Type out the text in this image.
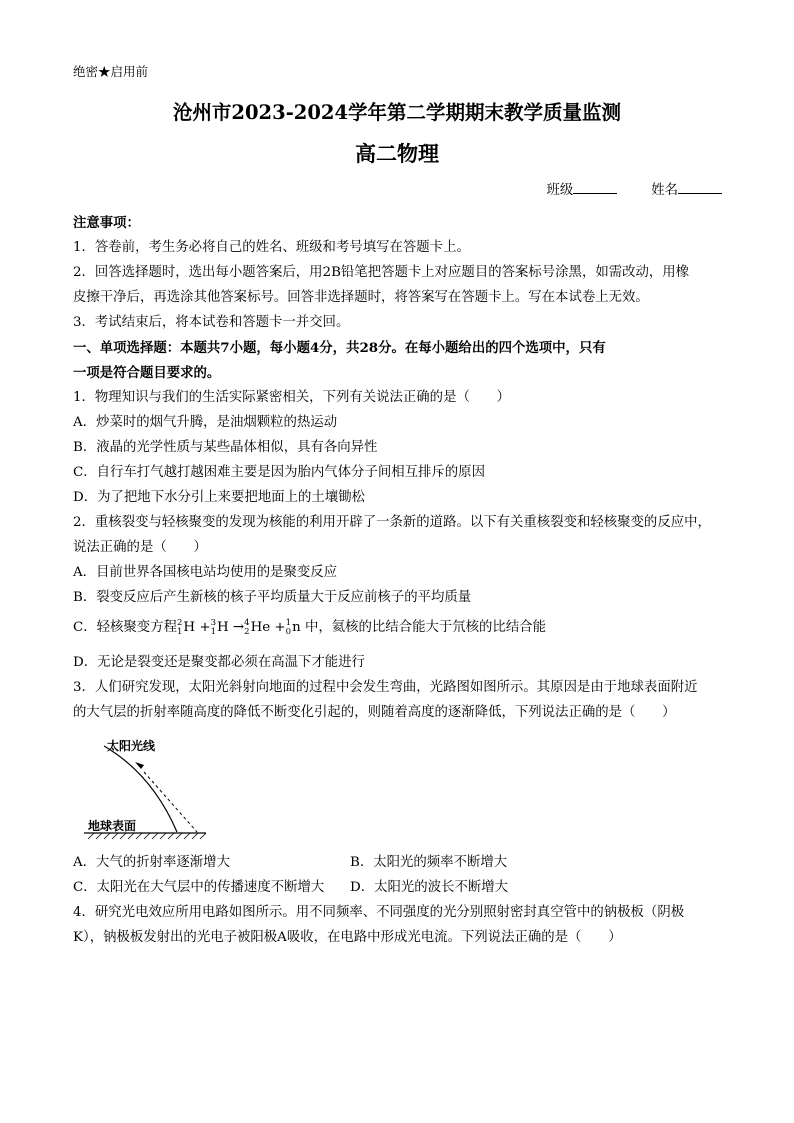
绝密★启用前
沧州市2023-2024学年第二学期期末教学质量监测
高二物理
班级	姓名
注意事项：
1．答卷前，考生务必将自己的姓名、班级和考号填写在答题卡上。
2．回答选择题时，选出每小题答案后，用2B铅笔把答题卡上对应题目的答案标号涂黑，如需改动，用橡
皮擦干净后，再选涂其他答案标号。回答非选择题时，将答案写在答题卡上。写在本试卷上无效。
3．考试结束后，将本试卷和答题卡一并交回。
一、单项选择题：本题共7小题，每小题4分，共28分。在每小题给出的四个选项中，只有
一项是符合题目要求的。
1．物理知识与我们的生活实际紧密相关，下列有关说法正确的是（　　）
A．炒菜时的烟气升腾，是油烟颗粒的热运动
B．液晶的光学性质与某些晶体相似，具有各向异性
C．自行车打气越打越困难主要是因为胎内气体分子间相互排斥的原因
D．为了把地下水分引上来要把地面上的土壤锄松
2．重核裂变与轻核聚变的发现为核能的利用开辟了一条新的道路。以下有关重核裂变和轻核聚变的反应中，
说法正确的是（　　）
A．目前世界各国核电站均使用的是聚变反应
B．裂变反应后产生新核的核子平均质量大于反应前核子的平均质量
C．轻核聚变方程 2
1 H + 3
1 H → 4
2 He + 1
0 n 中，氦核的比结合能大于氘核的比结合能
D．无论是裂变还是聚变都必须在高温下才能进行
3．人们研究发现，太阳光斜射向地面的过程中会发生弯曲，光路图如图所示。其原因是由于地球表面附近
的大气层的折射率随高度的降低不断变化引起的，则随着高度的逐渐降低，下列说法正确的是（　　）
太阳光线
地球表面
A．大气的折射率逐渐增大	B．太阳光的频率不断增大
C．太阳光在大气层中的传播速度不断增大 D．太阳光的波长不断增大
4．研究光电效应所用电路如图所示。用不同频率、不同强度的光分别照射密封真空管中的钠极板（阴极
K），钠极板发射出的光电子被阳极A吸收，在电路中形成光电流。下列说法正确的是（　　）
